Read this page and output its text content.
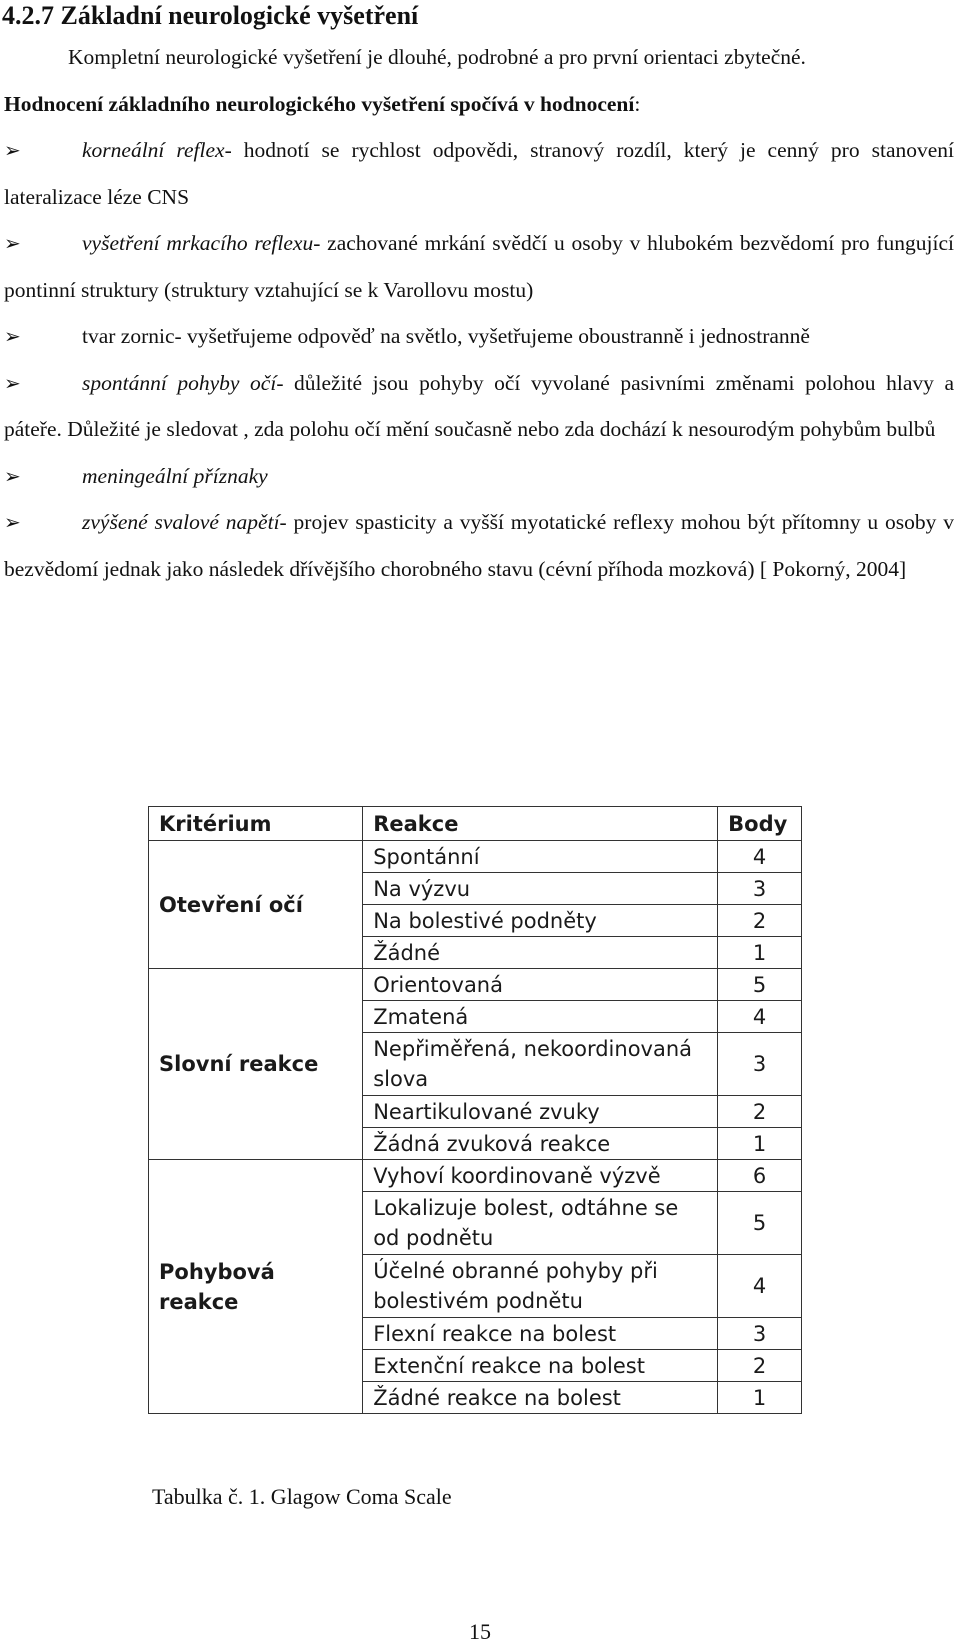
4.2.7 Základní neurologické vyšetření

Kompletní neurologické vyšetření je dlouhé, podrobné a pro první orientaci zbytečné.

Hodnocení základního neurologického vyšetření spočívá v hodnocení:

➢	korneální reflex- hodnotí se rychlost odpovědi, stranový rozdíl, který je cenný pro stanovení lateralizace léze CNS

➢	vyšetření mrkacího reflexu- zachované mrkání svědčí u osoby v hlubokém bezvědomí pro fungující pontinní struktury (struktury vztahující se k Varollovu mostu)

➢	tvar zornic- vyšetřujeme odpověď na světlo, vyšetřujeme oboustranně i jednostranně

➢	spontánní pohyby očí- důležité jsou pohyby očí vyvolané pasivními změnami polohou hlavy a páteře. Důležité je sledovat , zda polohu očí mění současně nebo zda dochází k nesourodým pohybům bulbů

➢	meningeální příznaky

➢	zvýšené svalové napětí- projev spasticity a vyšší myotatické reflexy mohou být přítomny u osoby v bezvědomí jednak jako následek dřívějšího chorobného stavu (cévní příhoda mozková) [ Pokorný, 2004]

Kritérium	Reakce	Body
Otevření očí	Spontánní	4
	Na výzvu	3
	Na bolestivé podněty	2
	Žádné	1
Slovní reakce	Orientovaná	5
	Zmatená	4
	Nepřiměřená, nekoordinovaná slova	3
	Neartikulované zvuky	2
	Žádná zvuková reakce	1
Pohybová reakce	Vyhoví koordinovaně výzvě	6
	Lokalizuje bolest, odtáhne se od podnětu	5
	Účelné obranné pohyby při bolestivém podnětu	4
	Flexní reakce na bolest	3
	Extenční reakce na bolest	2
	Žádné reakce na bolest	1
Tabulka č. 1. Glagow Coma Scale
15
